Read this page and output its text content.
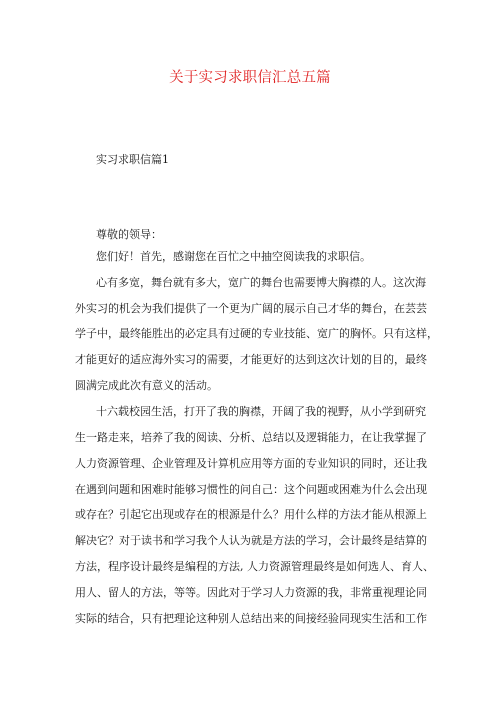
关于实习求职信汇总五篇
实习求职信篇1
尊敬的领导：
您们好！首先，感谢您在百忙之中抽空阅读我的求职信。
心有多宽，舞台就有多大，宽广的舞台也需要博大胸襟的人。这次海
外实习的机会为我们提供了一个更为广阔的展示自己才华的舞台，在芸芸
学子中，最终能胜出的必定具有过硬的专业技能、宽广的胸怀。只有这样，
才能更好的适应海外实习的需要，才能更好的达到这次计划的目的，最终
圆满完成此次有意义的活动。
十六载校园生活，打开了我的胸襟，开阔了我的视野，从小学到研究
生一路走来，培养了我的阅读、分析、总结以及逻辑能力，在让我掌握了
人力资源管理、企业管理及计算机应用等方面的专业知识的同时，还让我
在遇到问题和困难时能够习惯性的问自己：这个问题或困难为什么会出现
或存在？引起它出现或存在的根源是什么？用什么样的方法才能从根源上
解决它？对于读书和学习我个人认为就是方法的学习，会计最终是结算的
方法，程序设计最终是编程的方法, 人力资源管理最终是如何选人、育人、
用人、留人的方法，等等。因此对于学习人力资源的我，非常重视理论同
实际的结合，只有把理论这种别人总结出来的间接经验同现实生活和工作
